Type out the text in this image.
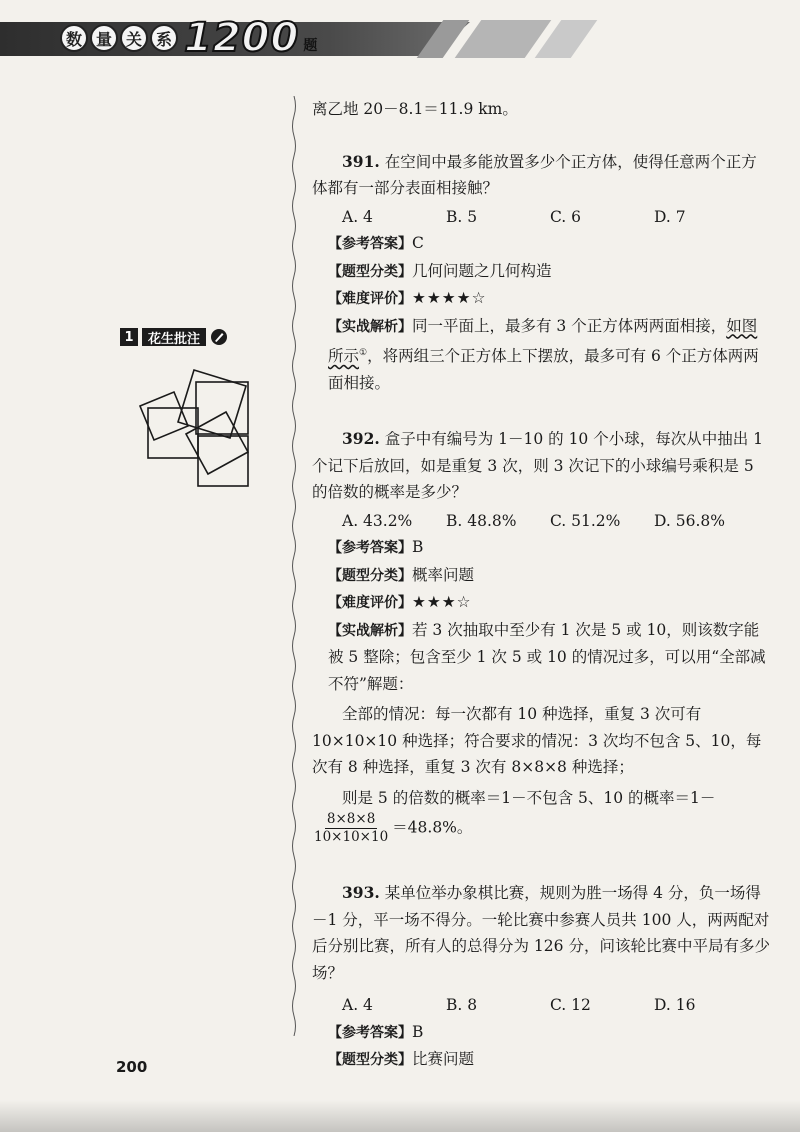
数 量 关 系 1200 题
1	花生批注
离乙地 20－8.1＝11.9 km。
391. 在空间中最多能放置多少个正方体，使得任意两个正方体都有一部分表面相接触？
A. 4	B. 5	C. 6	D. 7
【参考答案】C
【题型分类】几何问题之几何构造
【难度评价】★★★★☆
【实战解析】同一平面上，最多有 3 个正方体两两面相接，如图所示①，将两组三个正方体上下摆放，最多可有 6 个正方体两两面相接。
392. 盒子中有编号为 1－10 的 10 个小球，每次从中抽出 1 个记下后放回，如是重复 3 次，则 3 次记下的小球编号乘积是 5 的倍数的概率是多少？
A. 43.2%	B. 48.8%	C. 51.2%	D. 56.8%
【参考答案】B
【题型分类】概率问题
【难度评价】★★★☆
【实战解析】若 3 次抽取中至少有 1 次是 5 或 10，则该数字能被 5 整除；包含至少 1 次 5 或 10 的情况过多，可以用“全部减不符”解题：
全部的情况：每一次都有 10 种选择，重复 3 次可有 10×10×10 种选择；符合要求的情况：3 次均不包含 5、10，每次有 8 种选择，重复 3 次有 8×8×8 种选择；
则是 5 的倍数的概率＝1－不包含 5、10 的概率＝1－
$\frac{8\times 8\times 8}{10\times 10\times 10} =48.8\%$。
393. 某单位举办象棋比赛，规则为胜一场得 4 分，负一场得－1 分，平一场不得分。一轮比赛中参赛人员共 100 人，两两配对后分别比赛，所有人的总得分为 126 分，问该轮比赛中平局有多少场？
A. 4	B. 8	C. 12	D. 16
【参考答案】B
【题型分类】比赛问题
200
